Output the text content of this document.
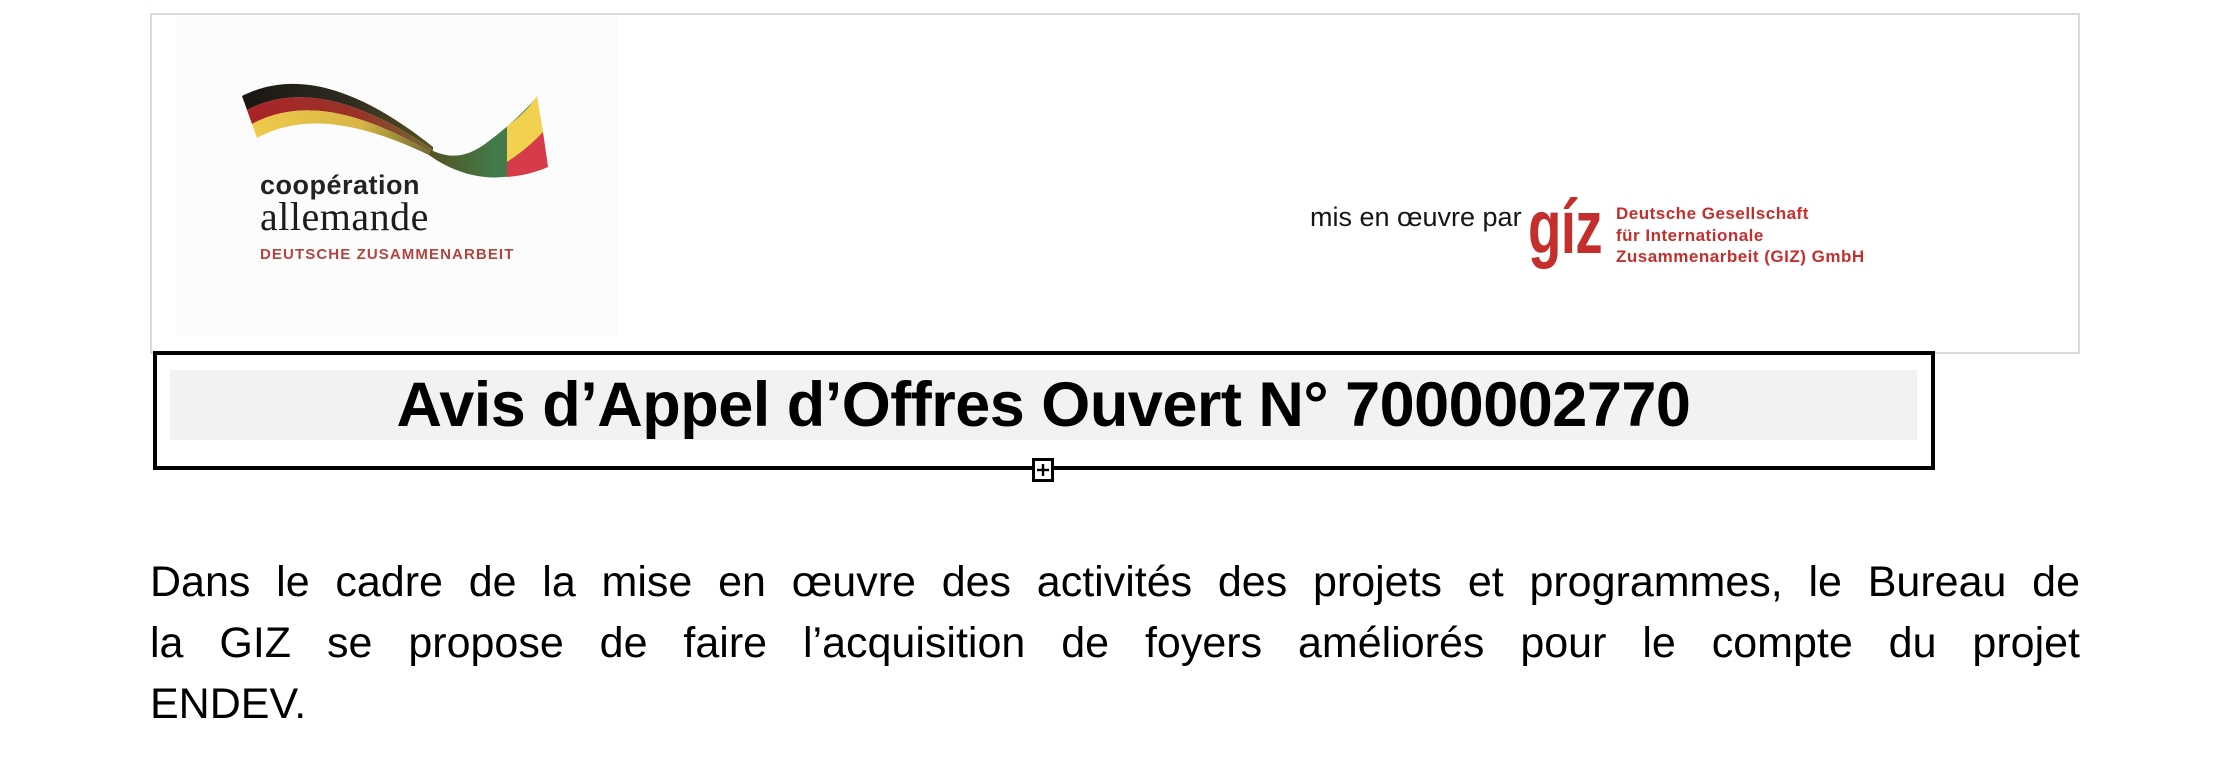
coopération
allemande
DEUTSCHE ZUSAMMENARBEIT
mis en œuvre par gíz Deutsche Gesellschaft
für Internationale
Zusammenarbeit (GIZ) GmbH
Avis d’Appel d’Offres Ouvert N° 7000002770
Dans le cadre de la mise en œuvre des activités des projets et programmes, le Bureau de
la GIZ se propose de faire l’acquisition de foyers améliorés pour le compte du projet
ENDEV.
